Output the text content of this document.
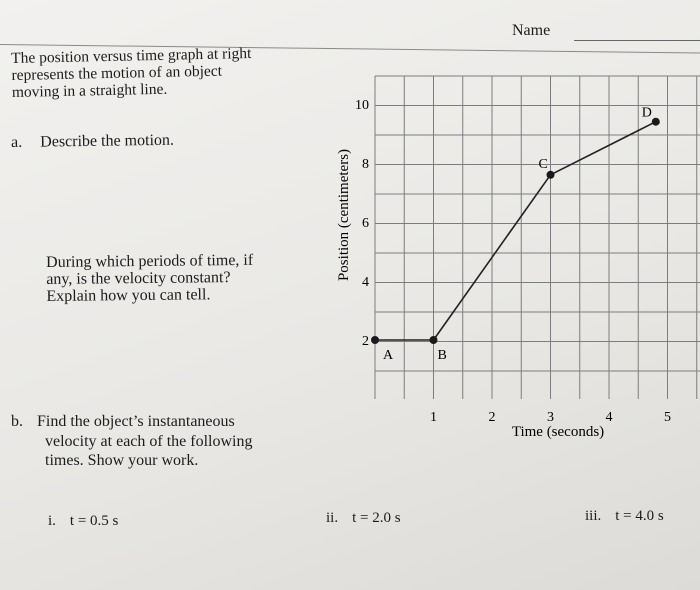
Name
The position versus time graph at right
represents the motion of an object
moving in a straight line.
a. Describe the motion.
During which periods of time, if
any, is the velocity constant?
Explain how you can tell.
b. Find the object’s instantaneous
velocity at each of the following
times. Show your work.
i. t = 0.5 s	ii. t = 2.0 s	iii. t = 4.0 s
2
4
6
8
10
1	2	3	4	5
A	B
C
D
Time (seconds)
Position (centimeters)
